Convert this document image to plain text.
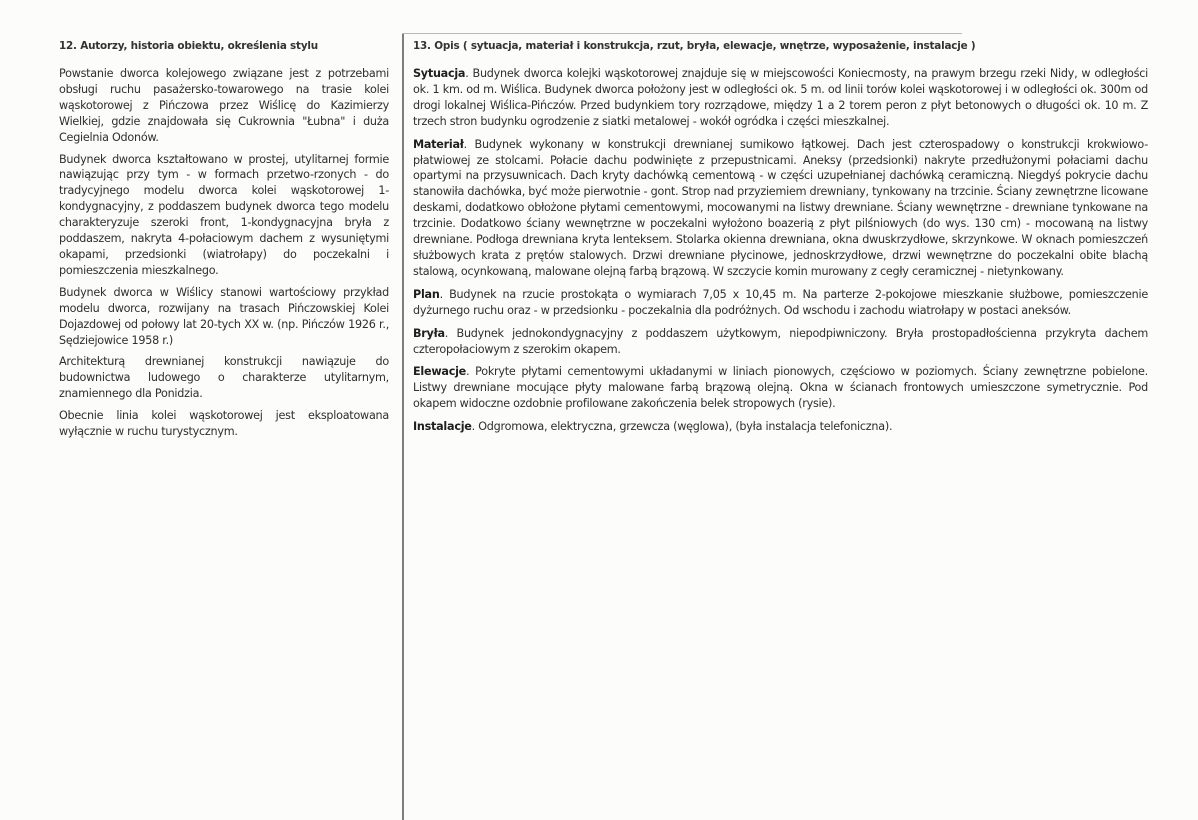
12. Autorzy, historia obiektu, określenia stylu

Powstanie dworca kolejowego związane jest z potrzebami obsługi ruchu pasażersko-towarowego na trasie kolei wąskotorowej z Pińczowa przez Wiślicę do Kazimierzy Wielkiej, gdzie znajdowała się Cukrownia "Łubna" i duża Cegielnia Odonów.

Budynek dworca kształtowano w prostej, utylitarnej formie nawiązując przy tym - w formach przetwo-rzonych - do tradycyjnego modelu dworca kolei wąskotorowej 1-kondygnacyjny, z poddaszem budynek dworca tego modelu charakteryzuje szeroki front, 1-kondygnacyjna bryła z poddaszem, nakryta 4-połaciowym dachem z wysuniętymi okapami, przedsionki (wiatrołapy) do poczekalni i pomieszczenia mieszkalnego.

Budynek dworca w Wiślicy stanowi wartościowy przykład modelu dworca, rozwijany na trasach Pińczowskiej Kolei Dojazdowej od połowy lat 20-tych XX w. (np. Pińczów 1926 r., Sędziejowice 1958 r.)

Architekturą drewnianej konstrukcji nawiązuje do budownictwa ludowego o charakterze utylitarnym, znamiennego dla Ponidzia.

Obecnie linia kolei wąskotorowej jest eksploatowana wyłącznie w ruchu turystycznym.

13. Opis ( sytuacja, materiał i konstrukcja, rzut, bryła, elewacje, wnętrze, wyposażenie, instalacje )

Sytuacja. Budynek dworca kolejki wąskotorowej znajduje się w miejscowości Koniecmosty, na prawym brzegu rzeki Nidy, w odległości ok. 1 km. od m. Wiślica. Budynek dworca położony jest w odległości ok. 5 m. od linii torów kolei wąskotorowej i w odległości ok. 300m od drogi lokalnej Wiślica-Pińczów. Przed budynkiem tory rozrządowe, między 1 a 2 torem peron z płyt betonowych o długości ok. 10 m. Z trzech stron budynku ogrodzenie z siatki metalowej - wokół ogródka i części mieszkalnej.

Materiał. Budynek wykonany w konstrukcji drewnianej sumikowo łątkowej. Dach jest czterospadowy o konstrukcji krokwiowo-płatwiowej ze stolcami. Połacie dachu podwinięte z przepustnicami. Aneksy (przedsionki) nakryte przedłużonymi połaciami dachu opartymi na przysuwnicach. Dach kryty dachówką cementową - w części uzupełnianej dachówką ceramiczną. Niegdyś pokrycie dachu stanowiła dachówka, być może pierwotnie - gont. Strop nad przyziemiem drewniany, tynkowany na trzcinie. Ściany zewnętrzne licowane deskami, dodatkowo obłożone płytami cementowymi, mocowanymi na listwy drewniane. Ściany wewnętrzne - drewniane tynkowane na trzcinie. Dodatkowo ściany wewnętrzne w poczekalni wyłożono boazerią z płyt pilśniowych (do wys. 130 cm) - mocowaną na listwy drewniane. Podłoga drewniana kryta lenteksem. Stolarka okienna drewniana, okna dwuskrzydłowe, skrzynkowe. W oknach pomieszczeń służbowych krata z prętów stalowych. Drzwi drewniane płycinowe, jednoskrzydłowe, drzwi wewnętrzne do poczekalni obite blachą stalową, ocynkowaną, malowane olejną farbą brązową. W szczycie komin murowany z cegły ceramicznej - nietynkowany.

Plan. Budynek na rzucie prostokąta o wymiarach 7,05 x 10,45 m. Na parterze 2-pokojowe mieszkanie służbowe, pomieszczenie dyżurnego ruchu oraz - w przedsionku - poczekalnia dla podróżnych. Od wschodu i zachodu wiatrołapy w postaci aneksów.

Bryła. Budynek jednokondygnacyjny z poddaszem użytkowym, niepodpiwniczony. Bryła prostopadłościenna przykryta dachem czteropołaciowym z szerokim okapem.

Elewacje. Pokryte płytami cementowymi układanymi w liniach pionowych, częściowo w poziomych. Ściany zewnętrzne pobielone. Listwy drewniane mocujące płyty malowane farbą brązową olejną. Okna w ścianach frontowych umieszczone symetrycznie. Pod okapem widoczne ozdobnie profilowane zakończenia belek stropowych (rysie).

Instalacje. Odgromowa, elektryczna, grzewcza (węglowa), (była instalacja telefoniczna).
